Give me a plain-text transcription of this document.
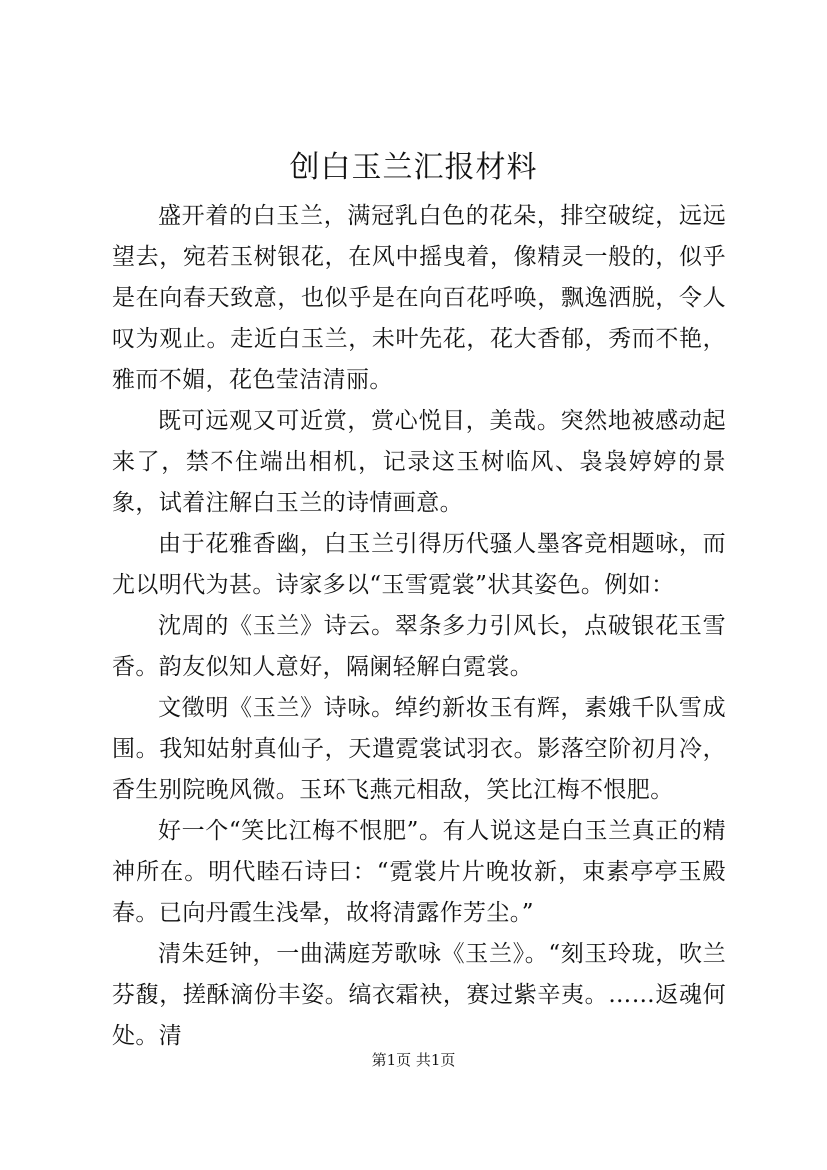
创白玉兰汇报材料

盛开着的白玉兰，满冠乳白色的花朵，排空破绽，远远望去，宛若玉树银花，在风中摇曳着，像精灵一般的，似乎是在向春天致意，也似乎是在向百花呼唤，飘逸洒脱，令人叹为观止。走近白玉兰，未叶先花，花大香郁，秀而不艳，雅而不媚，花色莹洁清丽。

既可远观又可近赏，赏心悦目，美哉。突然地被感动起来了，禁不住端出相机，记录这玉树临风、袅袅婷婷的景象，试着注解白玉兰的诗情画意。

由于花雅香幽，白玉兰引得历代骚人墨客竞相题咏，而尤以明代为甚。诗家多以“玉雪霓裳”状其姿色。例如：

沈周的《玉兰》诗云。翠条多力引风长，点破银花玉雪香。韵友似知人意好，隔阑轻解白霓裳。

文徵明《玉兰》诗咏。绰约新妆玉有辉，素娥千队雪成围。我知姑射真仙子，天遣霓裳试羽衣。影落空阶初月冷，香生别院晚风微。玉环飞燕元相敌，笑比江梅不恨肥。

好一个“笑比江梅不恨肥”。有人说这是白玉兰真正的精神所在。明代睦石诗曰：“霓裳片片晚妆新，束素亭亭玉殿春。已向丹霞生浅晕，故将清露作芳尘。”

清朱廷钟，一曲满庭芳歌咏《玉兰》。“刻玉玲珑，吹兰芬馥，搓酥滴份丰姿。缟衣霜袂，赛过紫辛夷。……返魂何处。清

第1页 共1页
